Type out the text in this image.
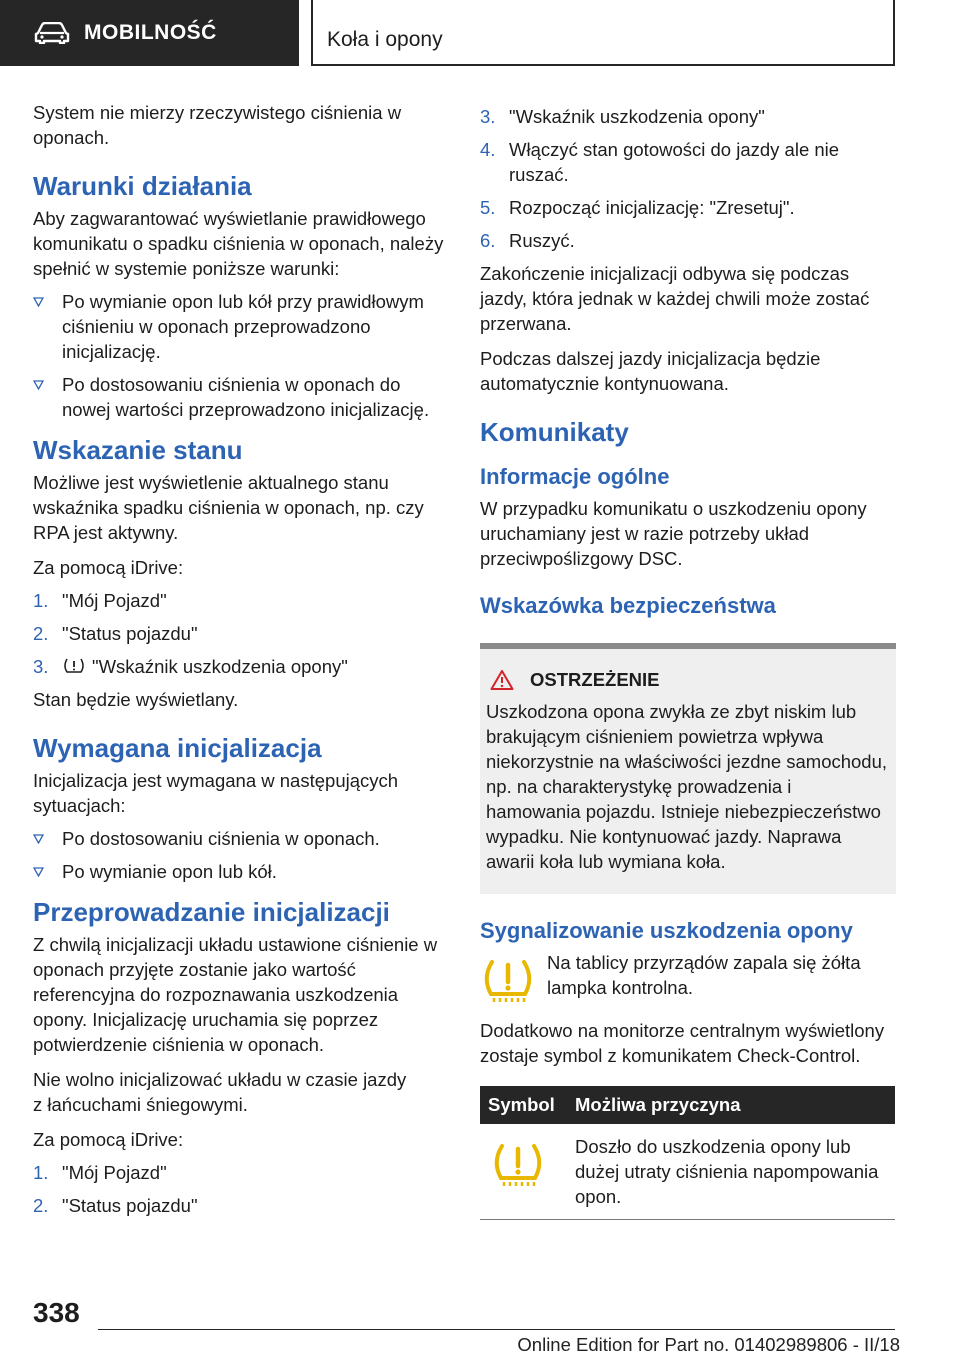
MOBILNOŚĆ	Koła i opony

System nie mierzy rzeczywistego ciśnienia w oponach.

Warunki działania

Aby zagwarantować wyświetlanie prawidłowego komunikatu o spadku ciśnienia w oponach, należy spełnić w systemie poniższe warunki:

Po wymianie opon lub kół przy prawidłowym ciśnieniu w oponach przeprowadzono inicjalizację.
Po dostosowaniu ciśnienia w oponach do nowej wartości przeprowadzono inicjalizację.
Wskazanie stanu

Możliwe jest wyświetlenie aktualnego stanu wskaźnika spadku ciśnienia w oponach, np. czy RPA jest aktywny.

Za pomocą iDrive:

1. "Mój Pojazd"
2. "Status pojazdu"
3. "Wskaźnik uszkodzenia opony"

Stan będzie wyświetlany.

Wymagana inicjalizacja

Inicjalizacja jest wymagana w następujących sytuacjach:

Po dostosowaniu ciśnienia w oponach.
Po wymianie opon lub kół.
Przeprowadzanie inicjalizacji

Z chwilą inicjalizacji układu ustawione ciśnienie w oponach przyjęte zostanie jako wartość referencyjna do rozpoznawania uszkodzenia opony. Inicjalizację uruchamia się poprzez potwierdzenie ciśnienia w oponach.

Nie wolno inicjalizować układu w czasie jazdy z łańcuchami śniegowymi.

Za pomocą iDrive:

1. "Mój Pojazd"
2. "Status pojazdu"
3. "Wskaźnik uszkodzenia opony"
4. Włączyć stan gotowości do jazdy ale nie ruszać.
5. Rozpocząć inicjalizację: "Zresetuj".
6. Ruszyć.

Zakończenie inicjalizacji odbywa się podczas jazdy, która jednak w każdej chwili może zostać przerwana.

Podczas dalszej jazdy inicjalizacja będzie automatycznie kontynuowana.

Komunikaty
Informacje ogólne

W przypadku komunikatu o uszkodzeniu opony uruchamiany jest w razie potrzeby układ przeciwpoślizgowy DSC.

Wskazówka bezpieczeństwa
OSTRZEŻENIE

Uszkodzona opona zwykła ze zbyt niskim lub brakującym ciśnieniem powietrza wpływa niekorzystnie na właściwości jezdne samochodu, np. na charakterystykę prowadzenia i hamowania pojazdu. Istnieje niebezpieczeństwo wypadku. Nie kontynuować jazdy. Naprawa awarii koła lub wymiana koła.

Sygnalizowanie uszkodzenia opony

Na tablicy przyrządów zapala się żółta lampka kontrolna.

Dodatkowo na monitorze centralnym wyświetlony zostaje symbol z komunikatem Check-Control.

Symbol	Możliwa przyczyna
	Doszło do uszkodzenia opony lub dużej utraty ciśnienia napompowania opon.
338
Online Edition for Part no. 01402989806 - II/18
